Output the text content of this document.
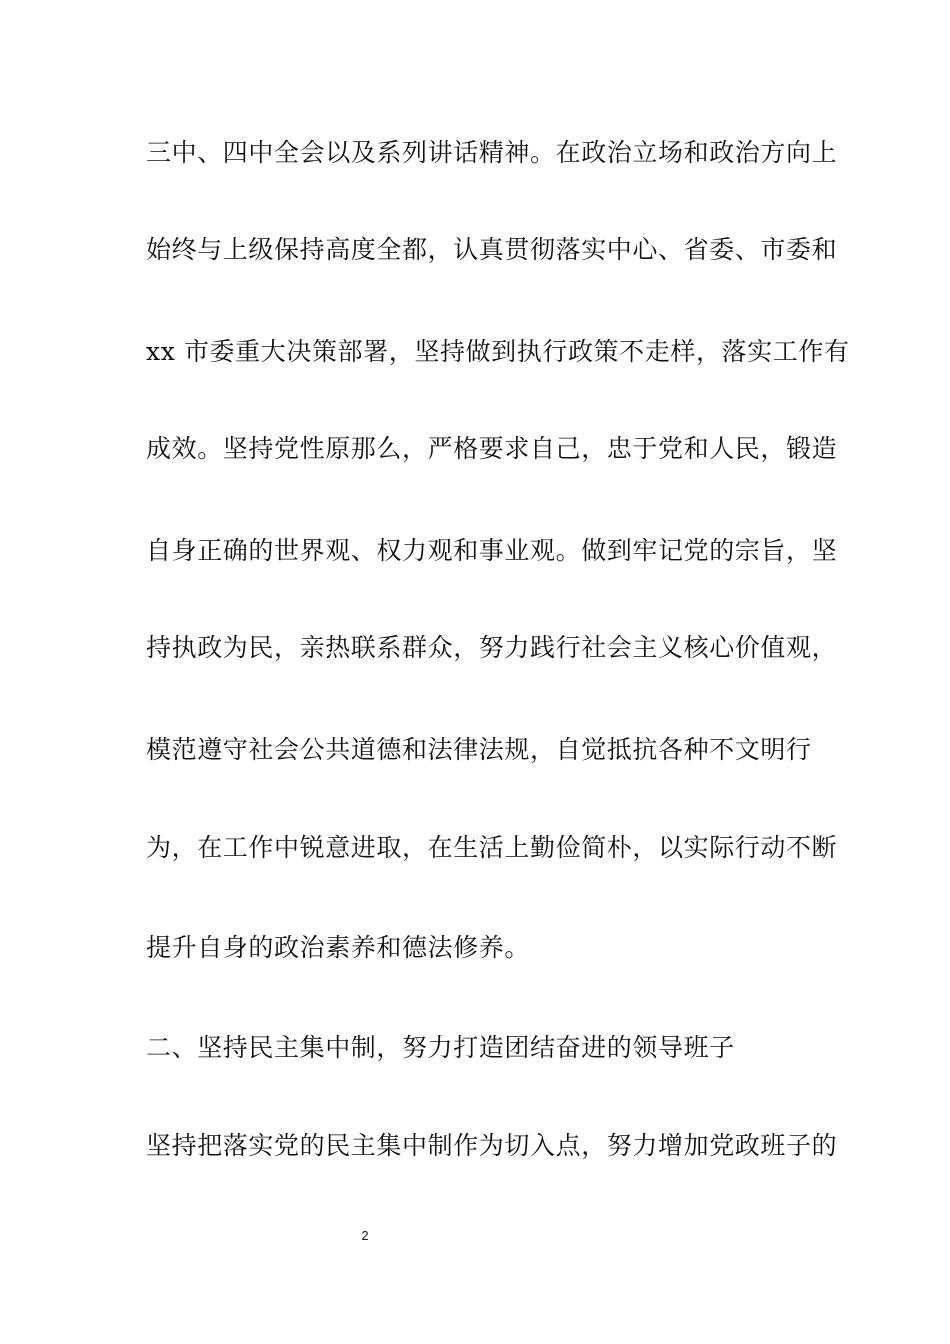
三中、四中全会以及系列讲话精神。在政治立场和政治方向上
始终与上级保持高度全都，认真贯彻落实中心、省委、市委和
xx 市委重大决策部署，坚持做到执行政策不走样，落实工作有
成效。坚持党性原那么，严格要求自己，忠于党和人民，锻造
自身正确的世界观、权力观和事业观。做到牢记党的宗旨，坚
持执政为民，亲热联系群众，努力践行社会主义核心价值观，
模范遵守社会公共道德和法律法规，自觉抵抗各种不文明行
为，在工作中锐意进取，在生活上勤俭简朴，以实际行动不断
提升自身的政治素养和德法修养。
二、坚持民主集中制，努力打造团结奋进的领导班子
坚持把落实党的民主集中制作为切入点，努力增加党政班子的
2
